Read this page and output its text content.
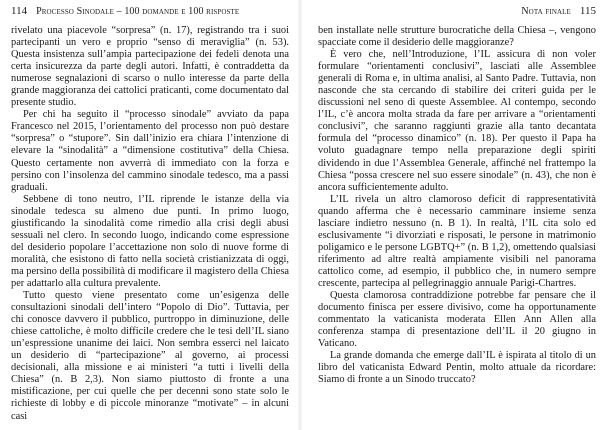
114 Processo Sinodale – 100 domande e 100 risposte

rivelato una piacevole “sorpresa” (n. 17), registrando tra i suoi partecipanti un vero e proprio “senso di meraviglia” (n. 53). Questa insistenza sull’ampia partecipazione dei fedeli denota una certa insicurezza da parte degli autori. Infatti, è contraddetta da numerose segnalazioni di scarso o nullo interesse da parte della grande maggioranza dei cattolici praticanti, come documentato dal presente studio.

Per chi ha seguito il “processo sinodale” avviato da papa Francesco nel 2015, l’orientamento del processo non può destare “sorpresa” o “stupore”. Sin dall’inizio era chiara l’intenzione di elevare la “sinodalità” a “dimensione costitutiva” della Chiesa. Questo certamente non avverrà di immediato con la forza e persino con l’insolenza del cammino sinodale tedesco, ma a passi graduali.

Sebbene di tono neutro, l’IL riprende le istanze della via sinodale tedesca su almeno due punti. In primo luogo, giustificando la sinodalità come rimedio alla crisi degli abusi sessuali nel clero. In secondo luogo, indicando come espressione del desiderio popolare l’accettazione non solo di nuove forme di moralità, che esistono di fatto nella società cristianizzata di oggi, ma persino della possibilità di modificare il magistero della Chiesa per adattarlo alla cultura prevalente.

Tutto questo viene presentato come un’esigenza delle consultazioni sinodali dell’intero “Popolo di Dio”. Tuttavia, per chi conosce davvero il pubblico, purtroppo in diminuzione, delle chiese cattoliche, è molto difficile credere che le tesi dell’IL siano un’espressione unanime dei laici. Non sembra esserci nel laicato un desiderio di “partecipazione” al governo, ai processi decisionali, alla missione e ai ministeri “a tutti i livelli della Chiesa” (n. B 2,3). Non siamo piuttosto di fronte a una mistificazione, per cui quelle che per decenni sono state solo le richieste di lobby e di piccole minoranze “motivate” – in alcuni casi

Nota finale 115

ben installate nelle strutture burocratiche della Chiesa –, vengono spacciate come il desiderio delle maggioranze?

È vero che, nell’Introduzione, l’IL assicura di non voler formulare “orientamenti conclusivi”, lasciati alle Assemblee generali di Roma e, in ultima analisi, al Santo Padre. Tuttavia, non nasconde che sta cercando di stabilire dei criteri guida per le discussioni nel seno di queste Assemblee. Al contempo, secondo l’IL, c’è ancora molta strada da fare per arrivare a “orientamenti conclusivi”, che saranno raggiunti grazie alla tanto decantata formula del “processo dinamico” (n. 18). Per questo il Papa ha voluto guadagnare tempo nella preparazione degli spiriti dividendo in due l’Assemblea Generale, affinché nel frattempo la Chiesa “possa crescere nel suo essere sinodale” (n. 43), che non è ancora sufficientemente adulto.

L’IL rivela un altro clamoroso deficit di rappresentatività quando afferma che è necessario camminare insieme senza lasciare indietro nessuno (n. B 1). In realtà, l’IL cita solo ed esclusivamente “i divorziati e risposati, le persone in matrimonio poligamico e le persone LGBTQ+” (n. B 1,2), omettendo qualsiasi riferimento ad altre realtà ampiamente visibili nel panorama cattolico come, ad esempio, il pubblico che, in numero sempre crescente, partecipa al pellegrinaggio annuale Parigi-Chartres.

Questa clamorosa contraddizione potrebbe far pensare che il documento finisca per essere divisivo, come ha opportunamente commentato la vaticanista moderata Ellen Ann Allen alla conferenza stampa di presentazione dell’IL il 20 giugno in Vaticano.

La grande domanda che emerge dall’IL è ispirata al titolo di un libro del vaticanista Edward Pentin, molto attuale da ricordare: Siamo di fronte a un Sinodo truccato?
